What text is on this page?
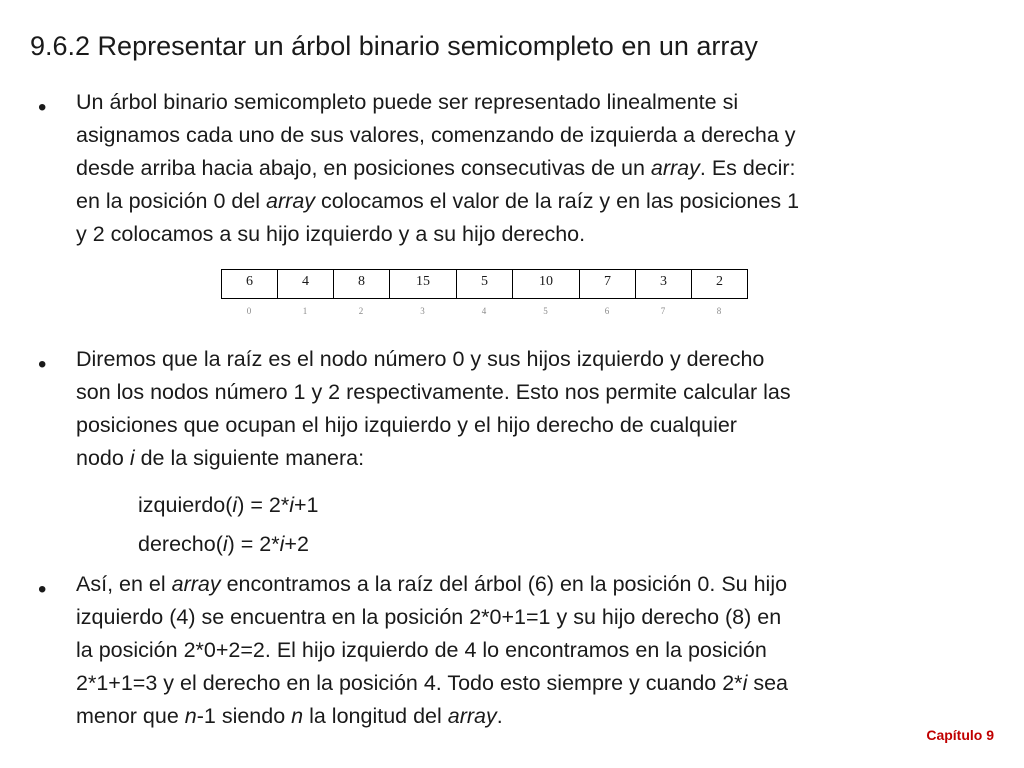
9.6.2 Representar un árbol binario semicompleto en un array
• Un árbol binario semicompleto puede ser representado linealmente si

asignamos cada uno de sus valores, comenzando de izquierda a derecha y

desde arriba hacia abajo, en posiciones consecutivas de un array. Es decir:

en la posición 0 del array colocamos el valor de la raíz y en las posiciones 1

y 2 colocamos a su hijo izquierdo y a su hijo derecho.

6	4	8	15	5	10	7	3	2
0	1	2	3	4	5	6	7	8
• Diremos que la raíz es el nodo número 0 y sus hijos izquierdo y derecho

son los nodos número 1 y 2 respectivamente. Esto nos permite calcular las

posiciones que ocupan el hijo izquierdo y el hijo derecho de cualquier

nodo i de la siguiente manera:

izquierdo(i) = 2*i+1
derecho(i) = 2*i+2
• Así, en el array encontramos a la raíz del árbol (6) en la posición 0. Su hijo

izquierdo (4) se encuentra en la posición 2*0+1=1 y su hijo derecho (8) en

la posición 2*0+2=2. El hijo izquierdo de 4 lo encontramos en la posición

2*1+1=3 y el derecho en la posición 4. Todo esto siempre y cuando 2*i sea

menor que n-1 siendo n la longitud del array.

Capítulo 9
